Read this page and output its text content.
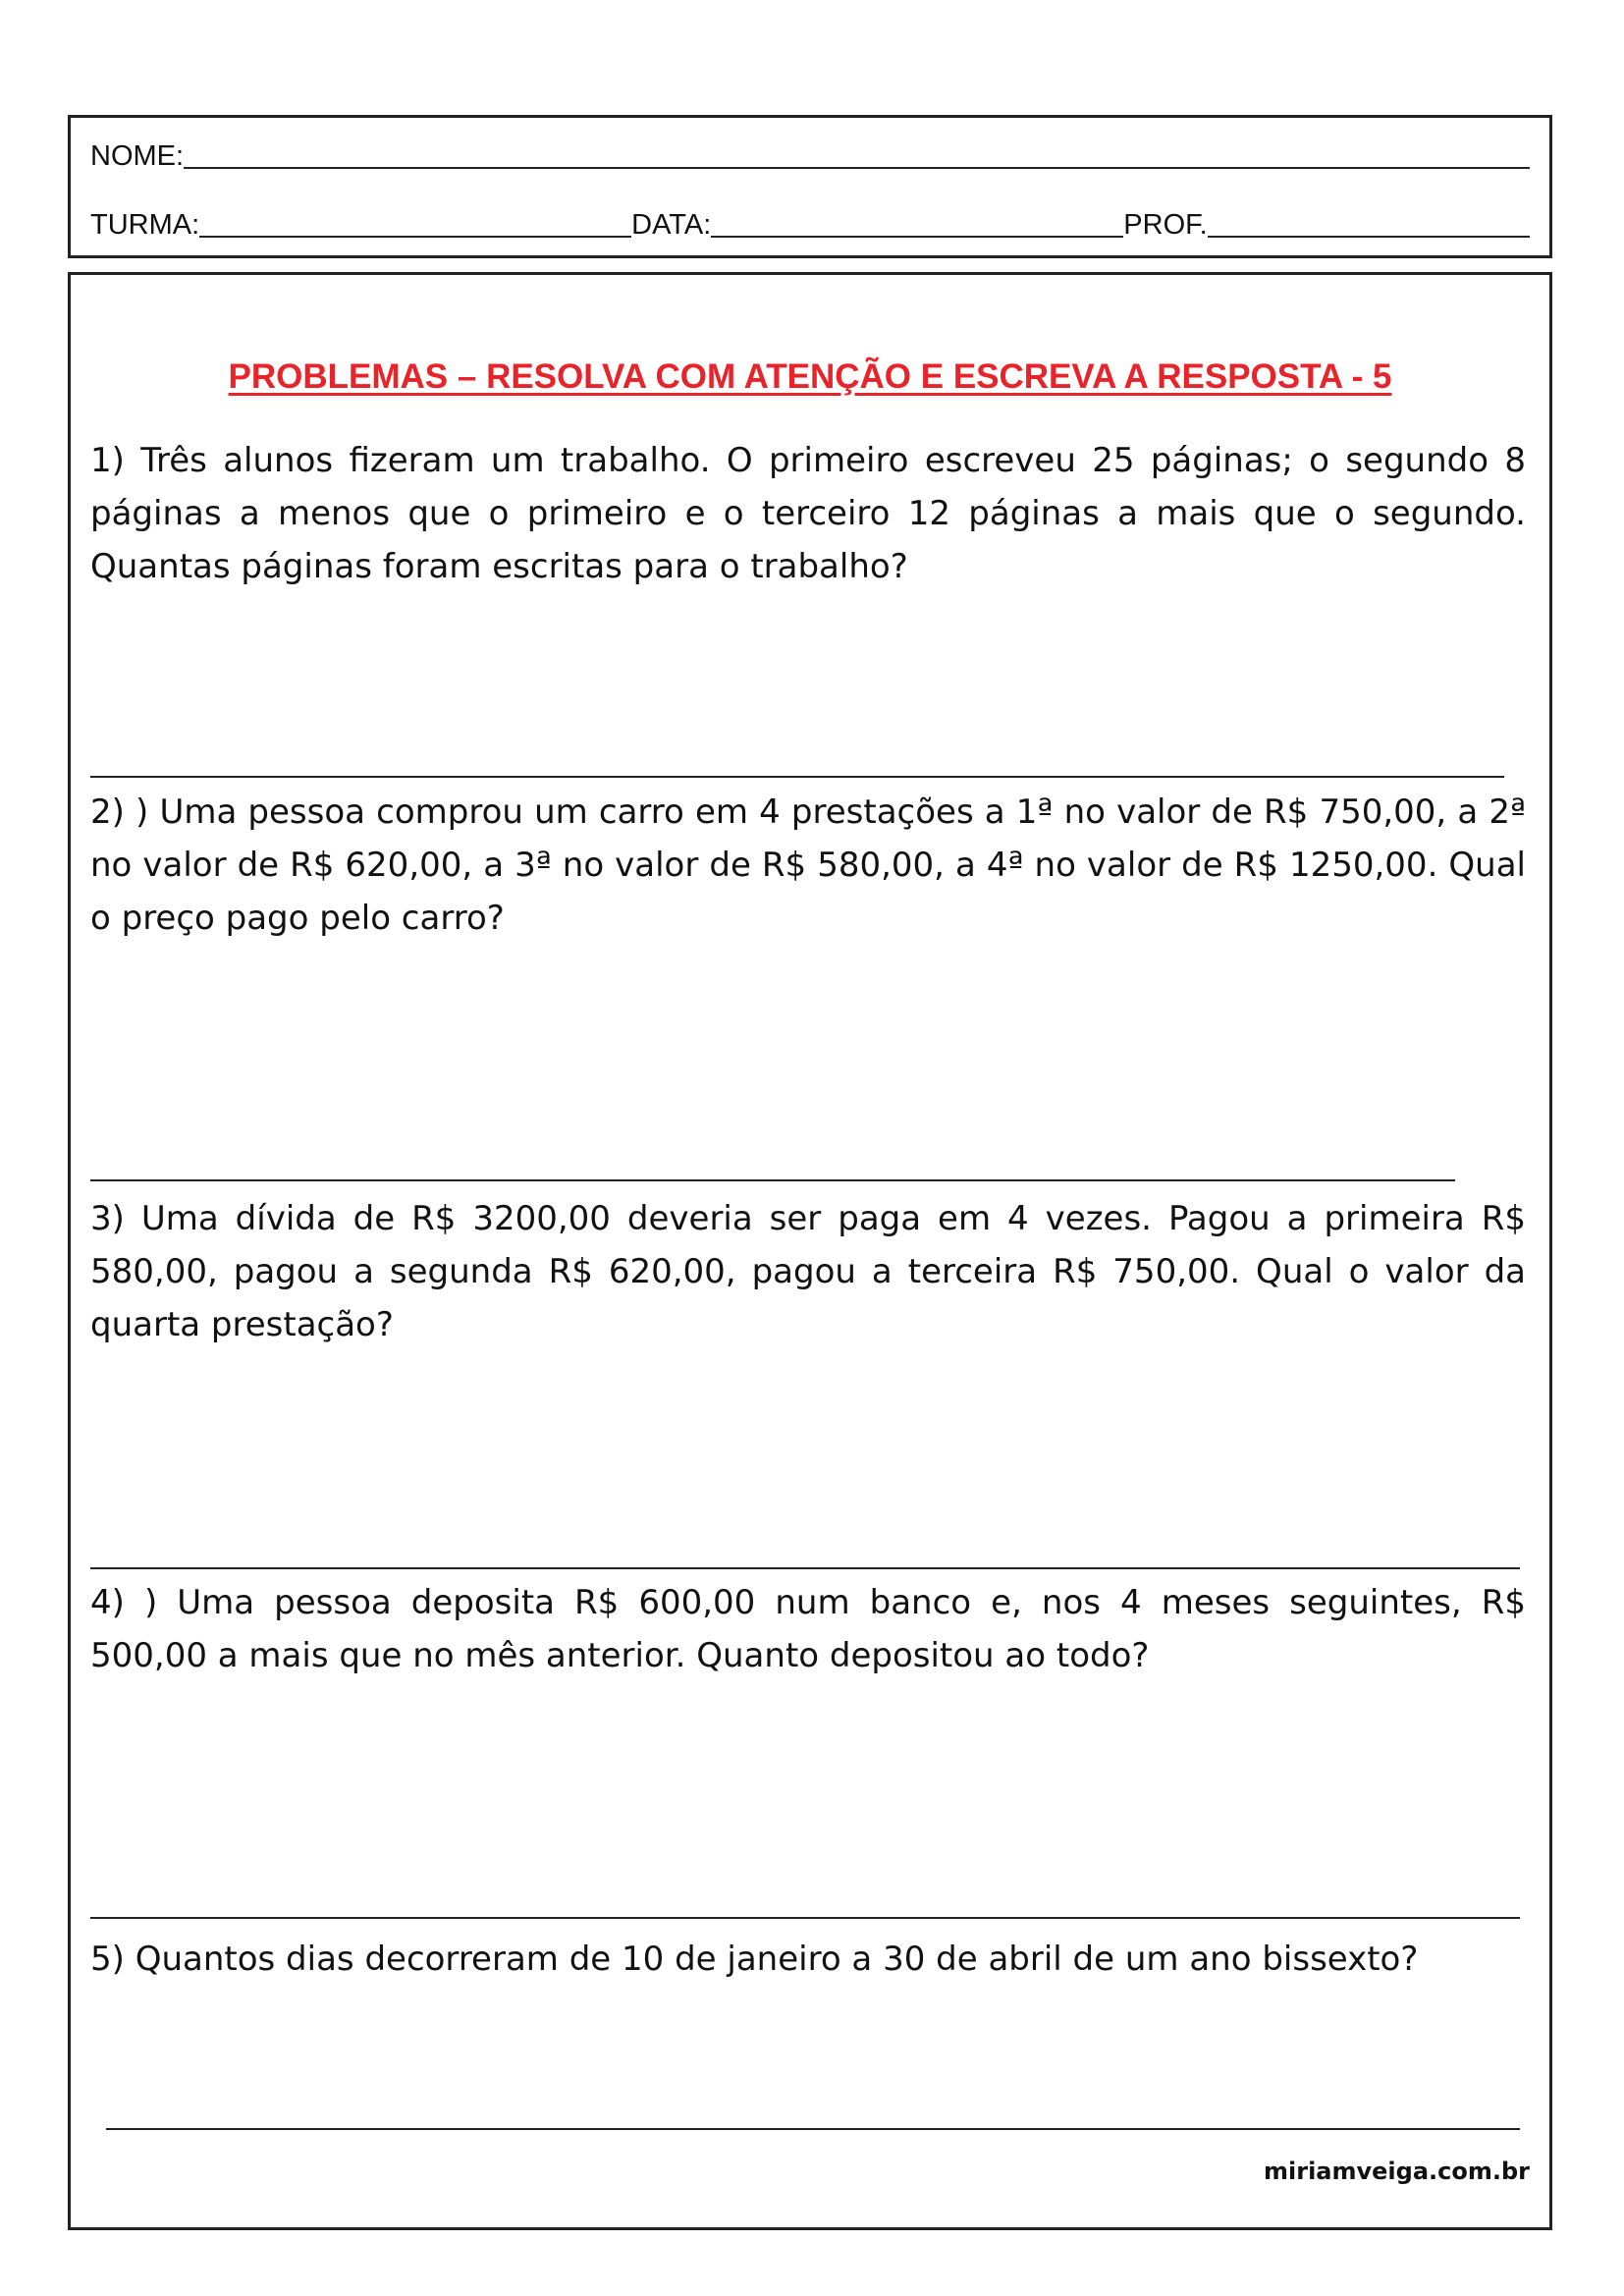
NOME:
TURMA:	DATA:	PROF.
PROBLEMAS – RESOLVA COM ATENÇÃO E ESCREVA A RESPOSTA - 5
1) Três alunos fizeram um trabalho. O primeiro escreveu 25 páginas; o segundo 8 páginas a menos que o primeiro e o terceiro 12 páginas a mais que o segundo. Quantas páginas foram escritas para o trabalho?
2) ) Uma pessoa comprou um carro em 4 prestações a 1ª no valor de R$ 750,00, a 2ª no valor de R$ 620,00, a 3ª no valor de R$ 580,00, a 4ª no valor de R$ 1250,00. Qual o preço pago pelo carro?
3) Uma dívida de R$ 3200,00 deveria ser paga em 4 vezes. Pagou a primeira R$ 580,00, pagou a segunda R$ 620,00, pagou a terceira R$ 750,00. Qual o valor da quarta prestação?
4) ) Uma pessoa deposita R$ 600,00 num banco e, nos 4 meses seguintes, R$ 500,00 a mais que no mês anterior. Quanto depositou ao todo?
5) Quantos dias decorreram de 10 de janeiro a 30 de abril de um ano bissexto?
miriamveiga.com.br
